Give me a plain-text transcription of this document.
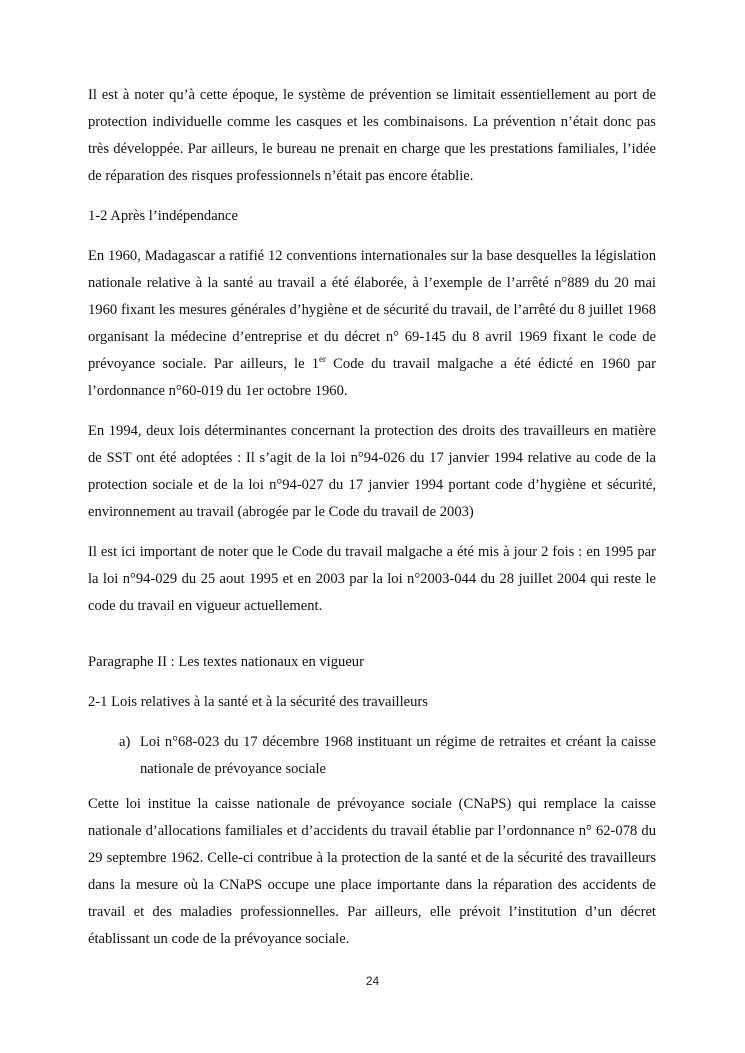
Il est à noter qu’à cette époque, le système de prévention se limitait essentiellement au port de protection individuelle comme les casques et les combinaisons. La prévention n’était donc pas très développée. Par ailleurs, le bureau ne prenait en charge que les prestations familiales, l’idée de réparation des risques professionnels n’était pas encore établie.

1-2 Après l’indépendance

En 1960, Madagascar a ratifié 12 conventions internationales sur la base desquelles la législation nationale relative à la santé au travail a été élaborée, à l’exemple de l’arrêté n°889 du 20 mai 1960 fixant les mesures générales d’hygiène et de sécurité du travail, de l’arrêté du 8 juillet 1968 organisant la médecine d’entreprise et du décret n° 69-145 du 8 avril 1969 fixant le code de prévoyance sociale. Par ailleurs, le 1er Code du travail malgache a été édicté en 1960 par l’ordonnance n°60-019 du 1er octobre 1960.

En 1994, deux lois déterminantes concernant la protection des droits des travailleurs en matière de SST ont été adoptées : Il s’agit de la loi n°94-026 du 17 janvier 1994 relative au code de la protection sociale et de la loi n°94-027 du 17 janvier 1994 portant code d’hygiène et sécurité, environnement au travail (abrogée par le Code du travail de 2003)

Il est ici important de noter que le Code du travail malgache a été mis à jour 2 fois : en 1995 par la loi n°94-029 du 25 aout 1995 et en 2003 par la loi n°2003-044 du 28 juillet 2004 qui reste le code du travail en vigueur actuellement.

Paragraphe II : Les textes nationaux en vigueur

2-1 Lois relatives à la santé et à la sécurité des travailleurs

a) Loi n°68-023 du 17 décembre 1968 instituant un régime de retraites et créant la caisse nationale de prévoyance sociale

Cette loi institue la caisse nationale de prévoyance sociale (CNaPS) qui remplace la caisse nationale d’allocations familiales et d’accidents du travail établie par l’ordonnance n° 62-078 du 29 septembre 1962. Celle-ci contribue à la protection de la santé et de la sécurité des travailleurs dans la mesure où la CNaPS occupe une place importante dans la réparation des accidents de travail et des maladies professionnelles. Par ailleurs, elle prévoit l’institution d’un décret établissant un code de la prévoyance sociale.

24
